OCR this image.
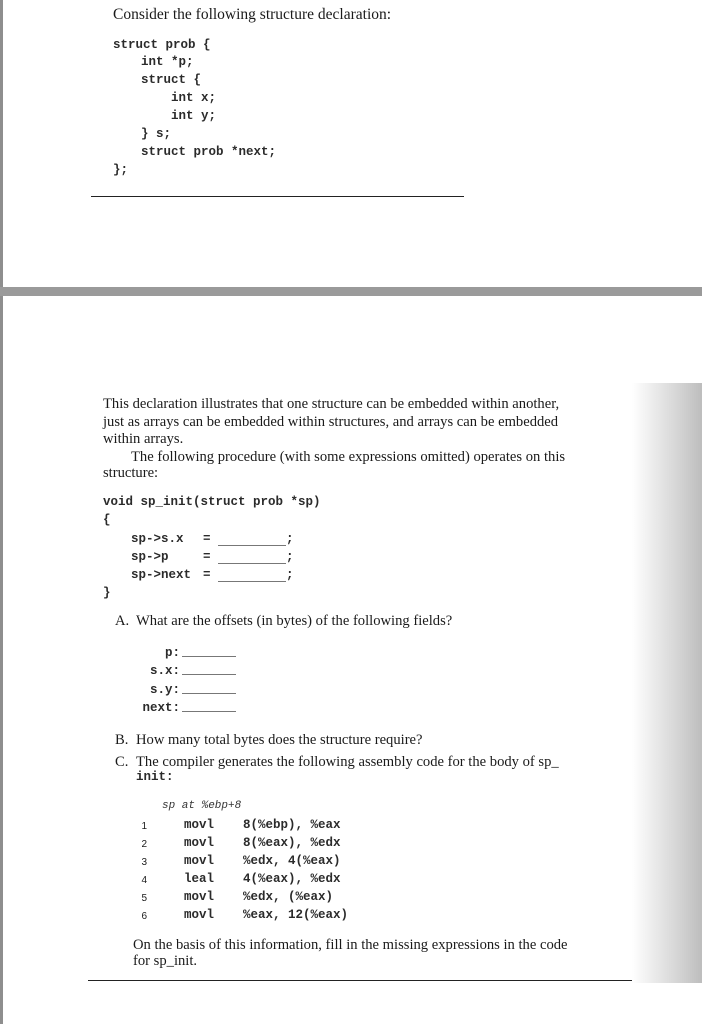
Consider the following structure declaration:
struct prob {
int *p;
struct {
int x;
int y;
} s;
struct prob *next;
};
This declaration illustrates that one structure can be embedded within another,
just as arrays can be embedded within structures, and arrays can be embedded
within arrays.
The following procedure (with some expressions omitted) operates on this
structure:
void sp_init(struct prob *sp)
{
sp->s.x =	;
sp->p	=	;
sp->next =	;
}
A. What are the offsets (in bytes) of the following fields?
p:
s.x:
s.y:
next:
B. How many total bytes does the structure require?
C. The compiler generates the following assembly code for the body of sp_
init:
sp at %ebp+8
1	movl 8(%ebp), %eax
2	movl 8(%eax), %edx
3	movl %edx, 4(%eax)
4	leal 4(%eax), %edx
5	movl %edx, (%eax)
6	movl %eax, 12(%eax)
On the basis of this information, fill in the missing expressions in the code
for sp_init.
